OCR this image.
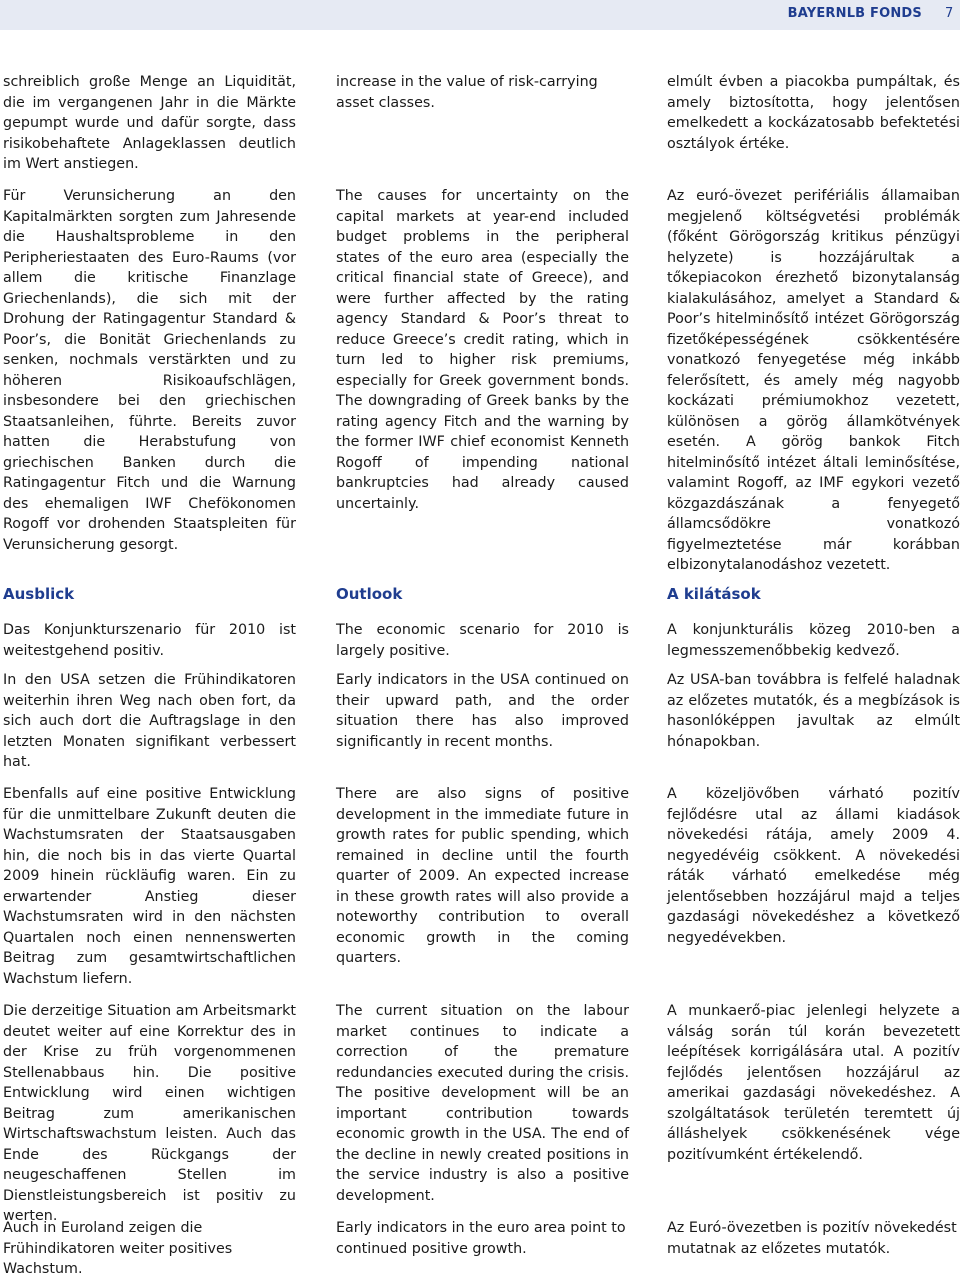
BAYERNLB FONDS 7

schreiblich große Menge an Liquidität, die im vergangenen Jahr in die Märkte gepumpt wurde und dafür sorgte, dass risikobehaftete Anlageklassen deutlich im Wert anstiegen.

Für Verunsicherung an den Kapitalmärkten sorgten zum Jahresende die Haushaltsprobleme in den Peripheriestaaten des Euro-Raums (vor allem die kritische Finanzlage Griechenlands), die sich mit der Drohung der Ratingagentur Standard & Poor’s, die Bonität Griechenlands zu senken, nochmals verstärkten und zu höheren Risikoaufschlägen, insbesondere bei den griechischen Staatsanleihen, führte. Bereits zuvor hatten die Herabstufung von griechischen Banken durch die Ratingagentur Fitch und die Warnung des ehemaligen IWF Chefökonomen Rogoff vor drohenden Staatspleiten für Verunsicherung gesorgt.

Ausblick

Das Konjunkturszenario für 2010 ist weitestgehend positiv.

In den USA setzen die Frühindikatoren weiterhin ihren Weg nach oben fort, da sich auch dort die Auftragslage in den letzten Monaten signifikant verbessert hat.

Ebenfalls auf eine positive Entwicklung für die unmittelbare Zukunft deuten die Wachstumsraten der Staatsausgaben hin, die noch bis in das vierte Quartal 2009 hinein rückläufig waren. Ein zu erwartender Anstieg dieser Wachstumsraten wird in den nächsten Quartalen noch einen nennenswerten Beitrag zum gesamtwirtschaftlichen Wachstum liefern.

Die derzeitige Situation am Arbeitsmarkt deutet weiter auf eine Korrektur des in der Krise zu früh vorgenommenen Stellenabbaus hin. Die positive Entwicklung wird einen wichtigen Beitrag zum amerikanischen Wirtschaftswachstum leisten. Auch das Ende des Rückgangs der neugeschaffenen Stellen im Dienstleistungsbereich ist positiv zu werten.

Auch in Euroland zeigen die Frühindikatoren weiter positives Wachstum.

increase in the value of risk-carrying asset classes.

The causes for uncertainty on the capital markets at year-end included budget problems in the peripheral states of the euro area (especially the critical financial state of Greece), and were further affected by the rating agency Standard & Poor’s threat to reduce Greece’s credit rating, which in turn led to higher risk premiums, especially for Greek government bonds. The downgrading of Greek banks by the rating agency Fitch and the warning by the former IWF chief economist Kenneth Rogoff of impending national bankruptcies had already caused uncertainly.

Outlook

The economic scenario for 2010 is largely positive.

Early indicators in the USA continued on their upward path, and the order situation there has also improved significantly in recent months.

There are also signs of positive development in the immediate future in growth rates for public spending, which remained in decline until the fourth quarter of 2009. An expected increase in these growth rates will also provide a noteworthy contribution to overall economic growth in the coming quarters.

The current situation on the labour market continues to indicate a correction of the premature redundancies executed during the crisis. The positive development will be an important contribution towards economic growth in the USA. The end of the decline in newly created positions in the service industry is also a positive development.

Early indicators in the euro area point to continued positive growth.

elmúlt évben a piacokba pumpáltak, és amely biztosította, hogy jelentősen emelkedett a kockázatosabb befektetési osztályok értéke.

Az euró-övezet perifériális államaiban megjelenő költségvetési problémák (főként Görögország kritikus pénzügyi helyzete) is hozzájárultak a tőkepiacokon érezhető bizonytalanság kialakulásához, amelyet a Standard & Poor’s hitelminősítő intézet Görögország fizetőképességének csökkentésére vonatkozó fenyegetése még inkább felerősített, és amely még nagyobb kockázati prémiumokhoz vezetett, különösen a görög államkötvények esetén. A görög bankok Fitch hitelminősítő intézet általi leminősítése, valamint Rogoff, az IMF egykori vezető közgazdászának a fenyegető államcsődökre vonatkozó figyelmeztetése már korábban elbizonytalanodáshoz vezetett.

A kilátások

A konjunkturális közeg 2010-ben a legmesszemenőbbekig kedvező.

Az USA-ban továbbra is felfelé haladnak az előzetes mutatók, és a megbízások is hasonlóképpen javultak az elmúlt hónapokban.

A közeljövőben várható pozitív fejlődésre utal az állami kiadások növekedési rátája, amely 2009 4. negyedévéig csökkent. A növekedési ráták várható emelkedése még jelentősebben hozzájárul majd a teljes gazdasági növekedéshez a következő negyedévekben.

A munkaerő-piac jelenlegi helyzete a válság során túl korán bevezetett leépítések korrigálására utal. A pozitív fejlődés jelentősen hozzájárul az amerikai gazdasági növekedéshez. A szolgáltatások területén teremtett új álláshelyek csökkenésének vége pozitívumként értékelendő.

Az Euró-övezetben is pozitív növekedést mutatnak az előzetes mutatók.
